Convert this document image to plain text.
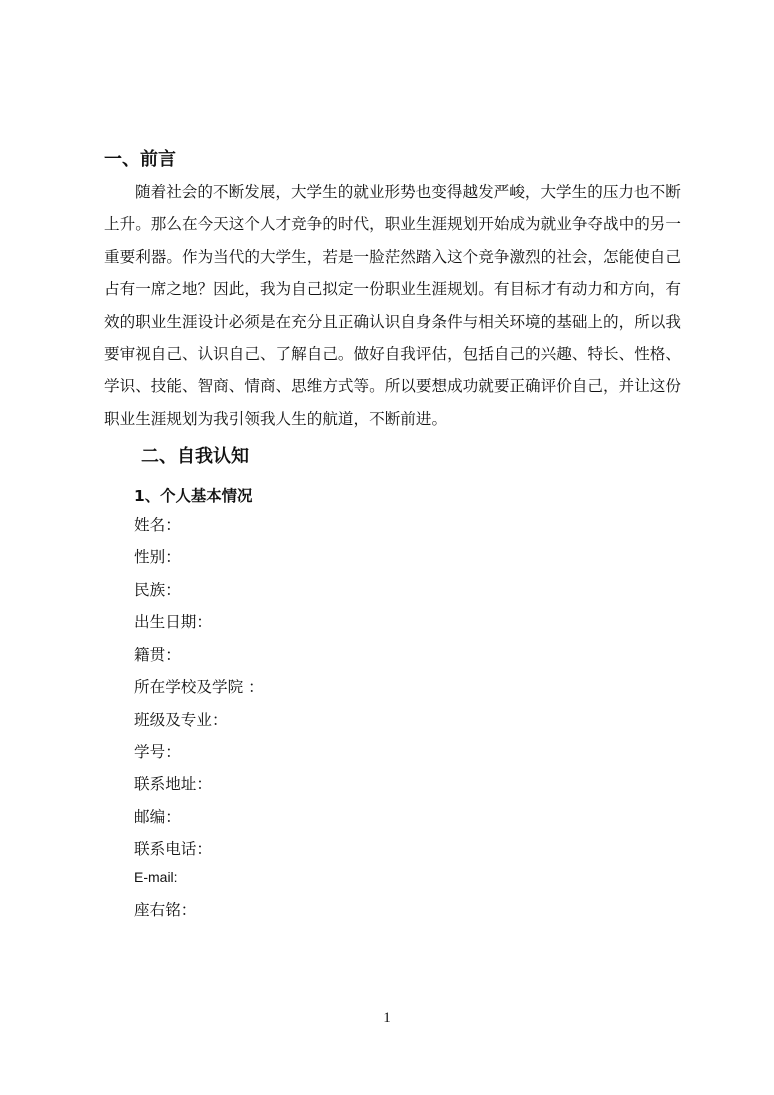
一、前言
随着社会的不断发展，大学生的就业形势也变得越发严峻，大学生的压力也不断
上升。那么在今天这个人才竞争的时代，职业生涯规划开始成为就业争夺战中的另一
重要利器。作为当代的大学生，若是一脸茫然踏入这个竞争激烈的社会，怎能使自己
占有一席之地？因此，我为自己拟定一份职业生涯规划。有目标才有动力和方向，有
效的职业生涯设计必须是在充分且正确认识自身条件与相关环境的基础上的，所以我
要审视自己、认识自己、了解自己。做好自我评估，包括自己的兴趣、特长、性格、
学识、技能、智商、情商、思维方式等。所以要想成功就要正确评价自己，并让这份
职业生涯规划为我引领我人生的航道，不断前进。
二、自我认知
1、个人基本情况
姓名：
性别：
民族：
出生日期：
籍贯：
所在学校及学院 ：
班级及专业：
学号：
联系地址：
邮编：
联系电话：
E-mail:
座右铭：
1
